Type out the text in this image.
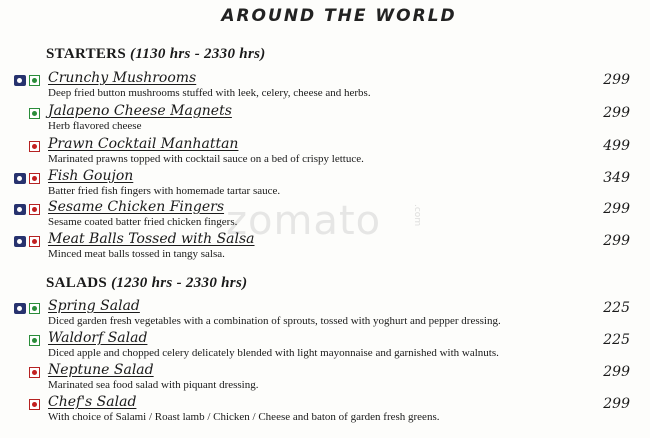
AROUND THE WORLD
zomato	.com
STARTERS (1130 hrs - 2330 hrs)
Crunchy Mushrooms
Deep fried button mushrooms stuffed with leek, celery, cheese and herbs.
299
Jalapeno Cheese Magnets
Herb flavored cheese
299
Prawn Cocktail Manhattan
Marinated prawns topped with cocktail sauce on a bed of crispy lettuce.
499
Fish Goujon
Batter fried fish fingers with homemade tartar sauce.
349
Sesame Chicken Fingers
Sesame coated batter fried chicken fingers.
299
Meat Balls Tossed with Salsa
Minced meat balls tossed in tangy salsa.
299
SALADS (1230 hrs - 2330 hrs)
Spring Salad
Diced garden fresh vegetables with a combination of sprouts, tossed with yoghurt and pepper dressing.
225
Waldorf Salad
Diced apple and chopped celery delicately blended with light mayonnaise and garnished with walnuts.
225
Neptune Salad
Marinated sea food salad with piquant dressing.
299
Chef's Salad
With choice of Salami / Roast lamb / Chicken / Cheese and baton of garden fresh greens.
299
